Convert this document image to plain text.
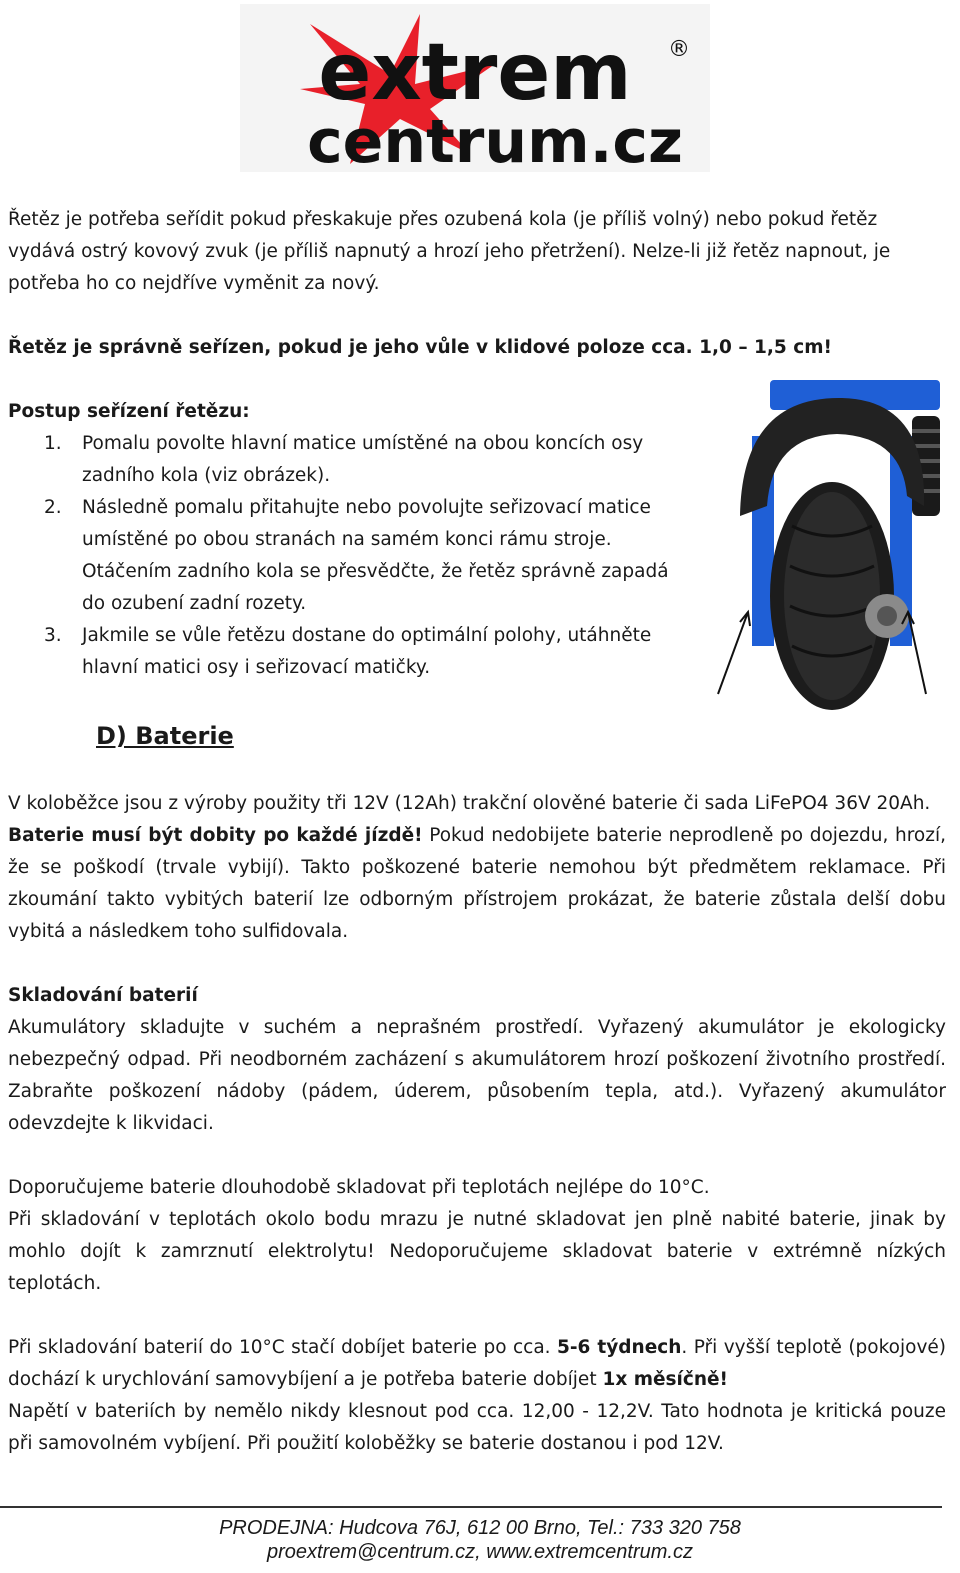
extrem
centrum.cz
®

Řetěz je potřeba seřídit pokud přeskakuje přes ozubená kola (je příliš volný) nebo pokud řetěz vydává ostrý kovový zvuk (je příliš napnutý a hrozí jeho přetržení). Nelze-li již řetěz napnout, je potřeba ho co nejdříve vyměnit za nový.

Řetěz je správně seřízen, pokud je jeho vůle v klidové poloze cca. 1,0 – 1,5 cm!

Postup seřízení řetězu:

1. Pomalu povolte hlavní matice umístěné na obou koncích osy zadního kola (viz obrázek).

2. Následně pomalu přitahujte nebo povolujte seřizovací matice umístěné po obou stranách na samém konci rámu stroje. Otáčením zadního kola se přesvědčte, že řetěz správně zapadá do ozubení zadní rozety.

3. Jakmile se vůle řetězu dostane do optimální polohy, utáhněte hlavní matici osy i seřizovací matičky.

D) Baterie

V koloběžce jsou z výroby použity tři 12V (12Ah) trakční olověné baterie či sada LiFePO4 36V 20Ah.

Baterie musí být dobity po každé jízdě! Pokud nedobijete baterie neprodleně po dojezdu, hrozí, že se poškodí (trvale vybijí). Takto poškozené baterie nemohou být předmětem reklamace. Při zkoumání takto vybitých baterií lze odborným přístrojem prokázat, že baterie zůstala delší dobu vybitá a následkem toho sulfidovala.

Skladování baterií

Akumulátory skladujte v suchém a neprašném prostředí. Vyřazený akumulátor je ekologicky nebezpečný odpad. Při neodborném zacházení s akumulátorem hrozí poškození životního prostředí. Zabraňte poškození nádoby (pádem, úderem, působením tepla, atd.). Vyřazený akumulátor odevzdejte k likvidaci.

Doporučujeme baterie dlouhodobě skladovat při teplotách nejlépe do 10°C.

Při skladování v teplotách okolo bodu mrazu je nutné skladovat jen plně nabité baterie, jinak by mohlo dojít k zamrznutí elektrolytu! Nedoporučujeme skladovat baterie v extrémně nízkých teplotách.

Při skladování baterií do 10°C stačí dobíjet baterie po cca. 5-6 týdnech. Při vyšší teplotě (pokojové) dochází k urychlování samovybíjení a je potřeba baterie dobíjet 1x měsíčně!

Napětí v bateriích by nemělo nikdy klesnout pod cca. 12,00 - 12,2V. Tato hodnota je kritická pouze při samovolném vybíjení. Při použití koloběžky se baterie dostanou i pod 12V.

PRODEJNA: Hudcova 76J, 612 00 Brno, Tel.: 733 320 758
proextrem@centrum.cz, www.extremcentrum.cz
